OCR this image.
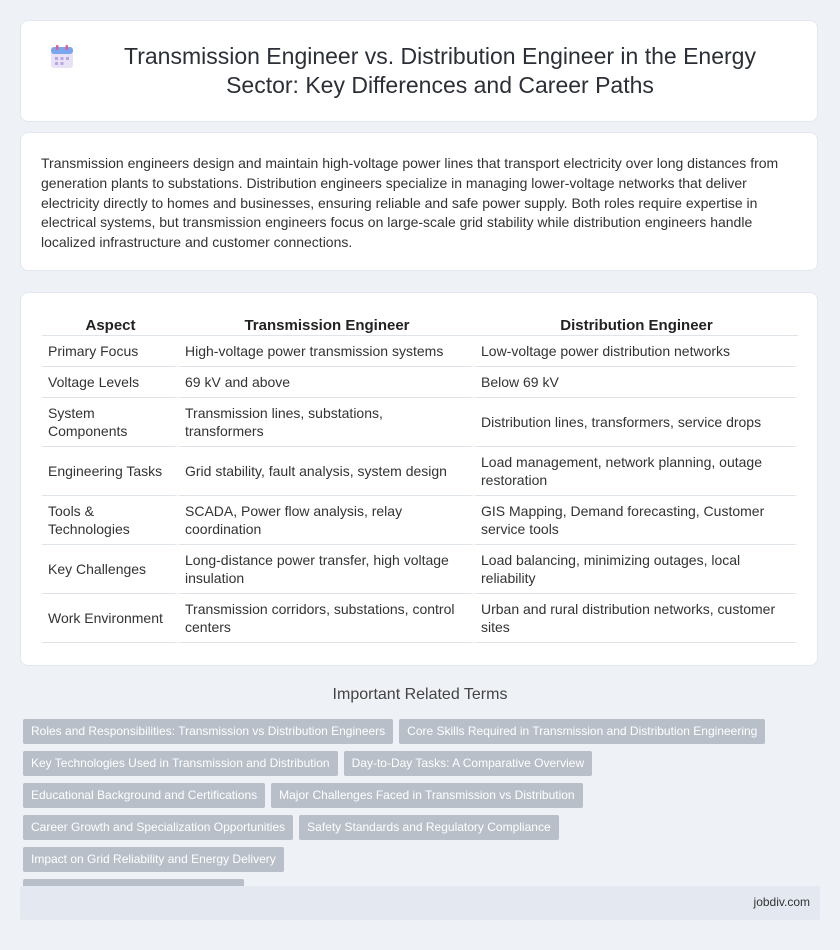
Transmission Engineer vs. Distribution Engineer in the Energy Sector: Key Differences and Career Paths

Transmission engineers design and maintain high-voltage power lines that transport electricity over long distances from generation plants to substations. Distribution engineers specialize in managing lower-voltage networks that deliver electricity directly to homes and businesses, ensuring reliable and safe power supply. Both roles require expertise in electrical systems, but transmission engineers focus on large-scale grid stability while distribution engineers handle localized infrastructure and customer connections.

Aspect	Transmission Engineer	Distribution Engineer
Primary Focus	High-voltage power transmission systems	Low-voltage power distribution networks
Voltage Levels	69 kV and above	Below 69 kV
System Components	Transmission lines, substations, transformers	Distribution lines, transformers, service drops
Engineering Tasks	Grid stability, fault analysis, system design	Load management, network planning, outage restoration
Tools & Technologies	SCADA, Power flow analysis, relay coordination	GIS Mapping, Demand forecasting, Customer service tools
Key Challenges	Long-distance power transfer, high voltage insulation	Load balancing, minimizing outages, local reliability
Work Environment	Transmission corridors, substations, control centers	Urban and rural distribution networks, customer sites
Important Related Terms
Roles and Responsibilities: Transmission vs Distribution Engineers Core Skills Required in Transmission and Distribution Engineering
Key Technologies Used in Transmission and Distribution Day-to-Day Tasks: A Comparative Overview
Educational Background and Certifications Major Challenges Faced in Transmission vs Distribution
Career Growth and Specialization Opportunities Safety Standards and Regulatory ComplianceImpact on Grid Reliability and Energy Delivery

jobdiv.com
